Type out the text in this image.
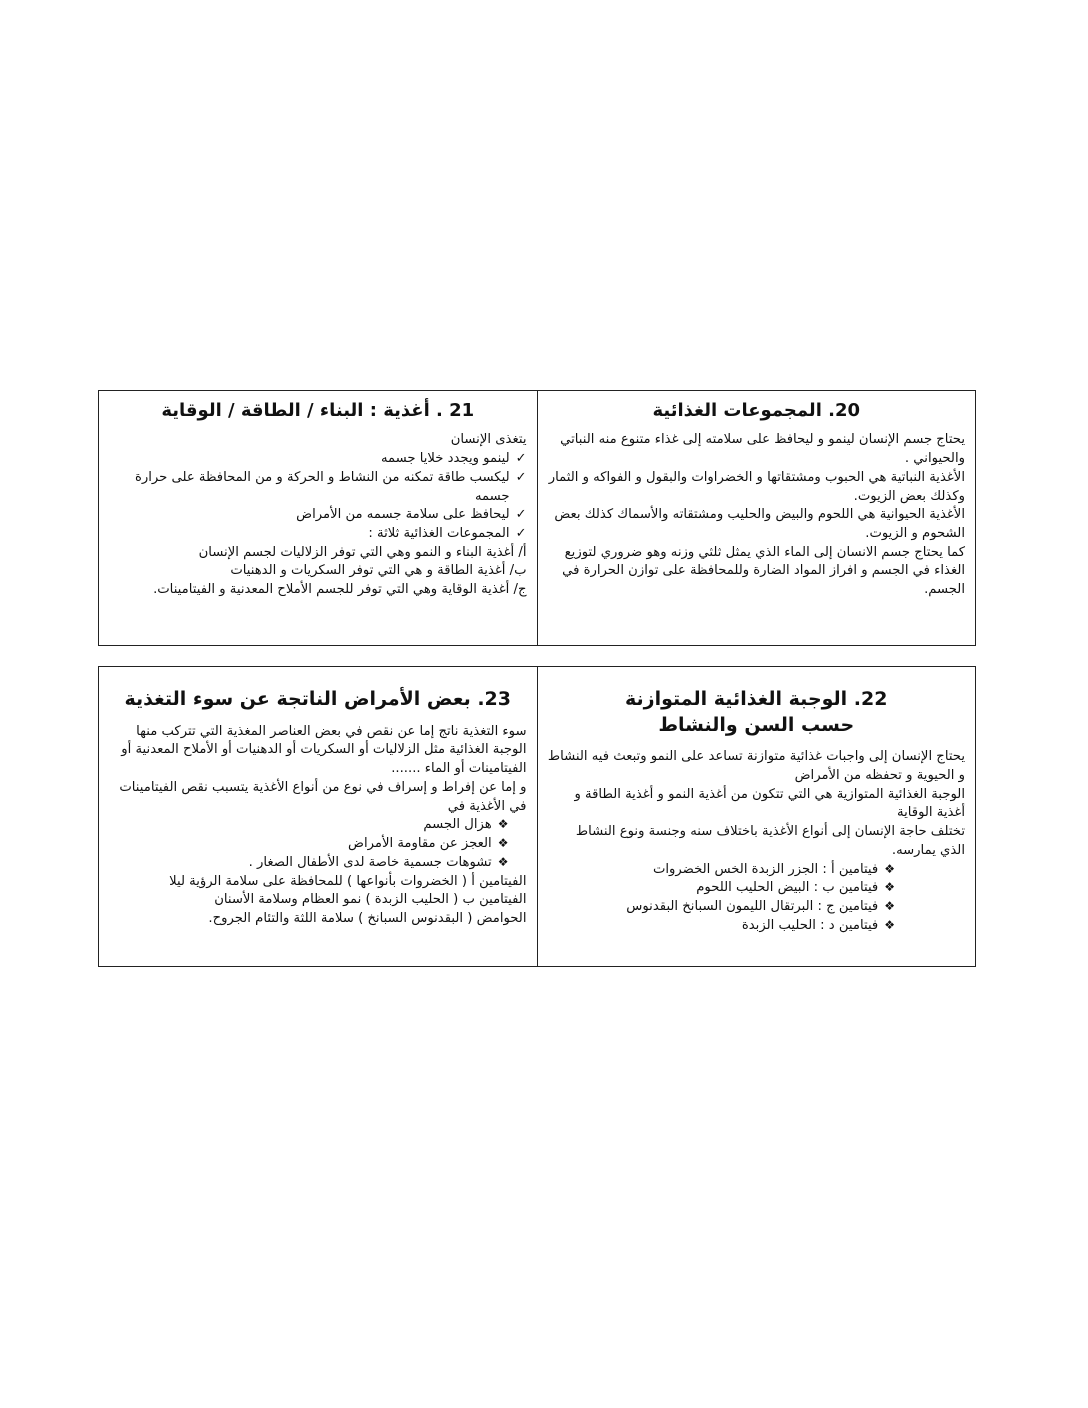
21 . أغذية : البناء / الطاقة / الوقاية

يتغذى الإنسان

✓
لينمو ويجدد خلايا جسمه
✓
ليكسب طاقة تمكنه من النشاط و الحركة و من المحافظة على حرارة جسمه
✓
ليحافظ على سلامة جسمه من الأمراض
✓
المجموعات الغذائية ثلاثة :

أ/ أغذية البناء و النمو وهي التي توفر الزلاليات لجسم الإنسان

ب/ أغذية الطاقة و هي التي توفر السكريات و الدهنيات

ج/ أغذية الوقاية وهي التي توفر للجسم الأملاح المعدنية و الفيتامينات.

20. المجموعات الغذائية

يحتاج جسم الإنسان لينمو و ليحافظ على سلامته إلى غذاء متنوع منه النباتي والحيواني .

الأغذية النباتية هي الحبوب ومشتقاتها و الخضراوات والبقول و الفواكه و الثمار وكذلك بعض الزيوت.

الأغذية الحيوانية هي اللحوم والبيض والحليب ومشتقاته والأسماك كذلك بعض الشحوم و الزيوت.

كما يحتاج جسم الانسان إلى الماء الذي يمثل ثلثي وزنه وهو ضروري لتوزيع الغذاء في الجسم و افراز المواد الضارة وللمحافظة على توازن الحرارة في الجسم.

23. بعض الأمراض الناتجة عن سوء التغذية

سوء التغذية ناتج إما عن نقص في بعض العناصر المغذية التي تتركب منها الوجبة الغذائية مثل الزلاليات أو السكريات أو الدهنيات أو الأملاح المعدنية أو الفيتامينات أو الماء .......

و إما عن إفراط و إسراف في نوع من أنواع الأغذية يتسبب نقص الفيتامينات في الأغذية في

❖
هزال الجسم
❖
العجز عن مقاومة الأمراض
❖
تشوهات جسمية خاصة لدى الأطفال الصغار .

الفيتامين أ ( الخضروات بأنواعها ) للمحافظة على سلامة الرؤية ليلا

الفيتامين ب ( الحليب الزبدة ) نمو العظام وسلامة الأسنان

الحوامض ( البقدنوس السبانخ ) سلامة اللثة والتئام الجروح.

22. الوجبة الغذائية المتوازنة
حسب السن والنشاط

يحتاج الإنسان إلى واجبات غذائية متوازنة تساعد على النمو وتبعث فيه النشاط و الحيوية و تحفظه من الأمراض

الوجبة الغذائية المتوازية هي التي تتكون من أغذية النمو و أغذية الطاقة و أغذية الوقاية

تختلف حاجة الإنسان إلى أنواع الأغذية باختلاف سنه وجنسة ونوع النشاط الذي يمارسه.

❖
فيتامين أ : الجزر الزبدة الخس الخضروات
❖
فيتامين ب : البيض الحليب اللحوم
❖
فيتامين ج : البرتقال الليمون السبانخ البقدنوس
❖
فيتامين د : الحليب الزبدة
